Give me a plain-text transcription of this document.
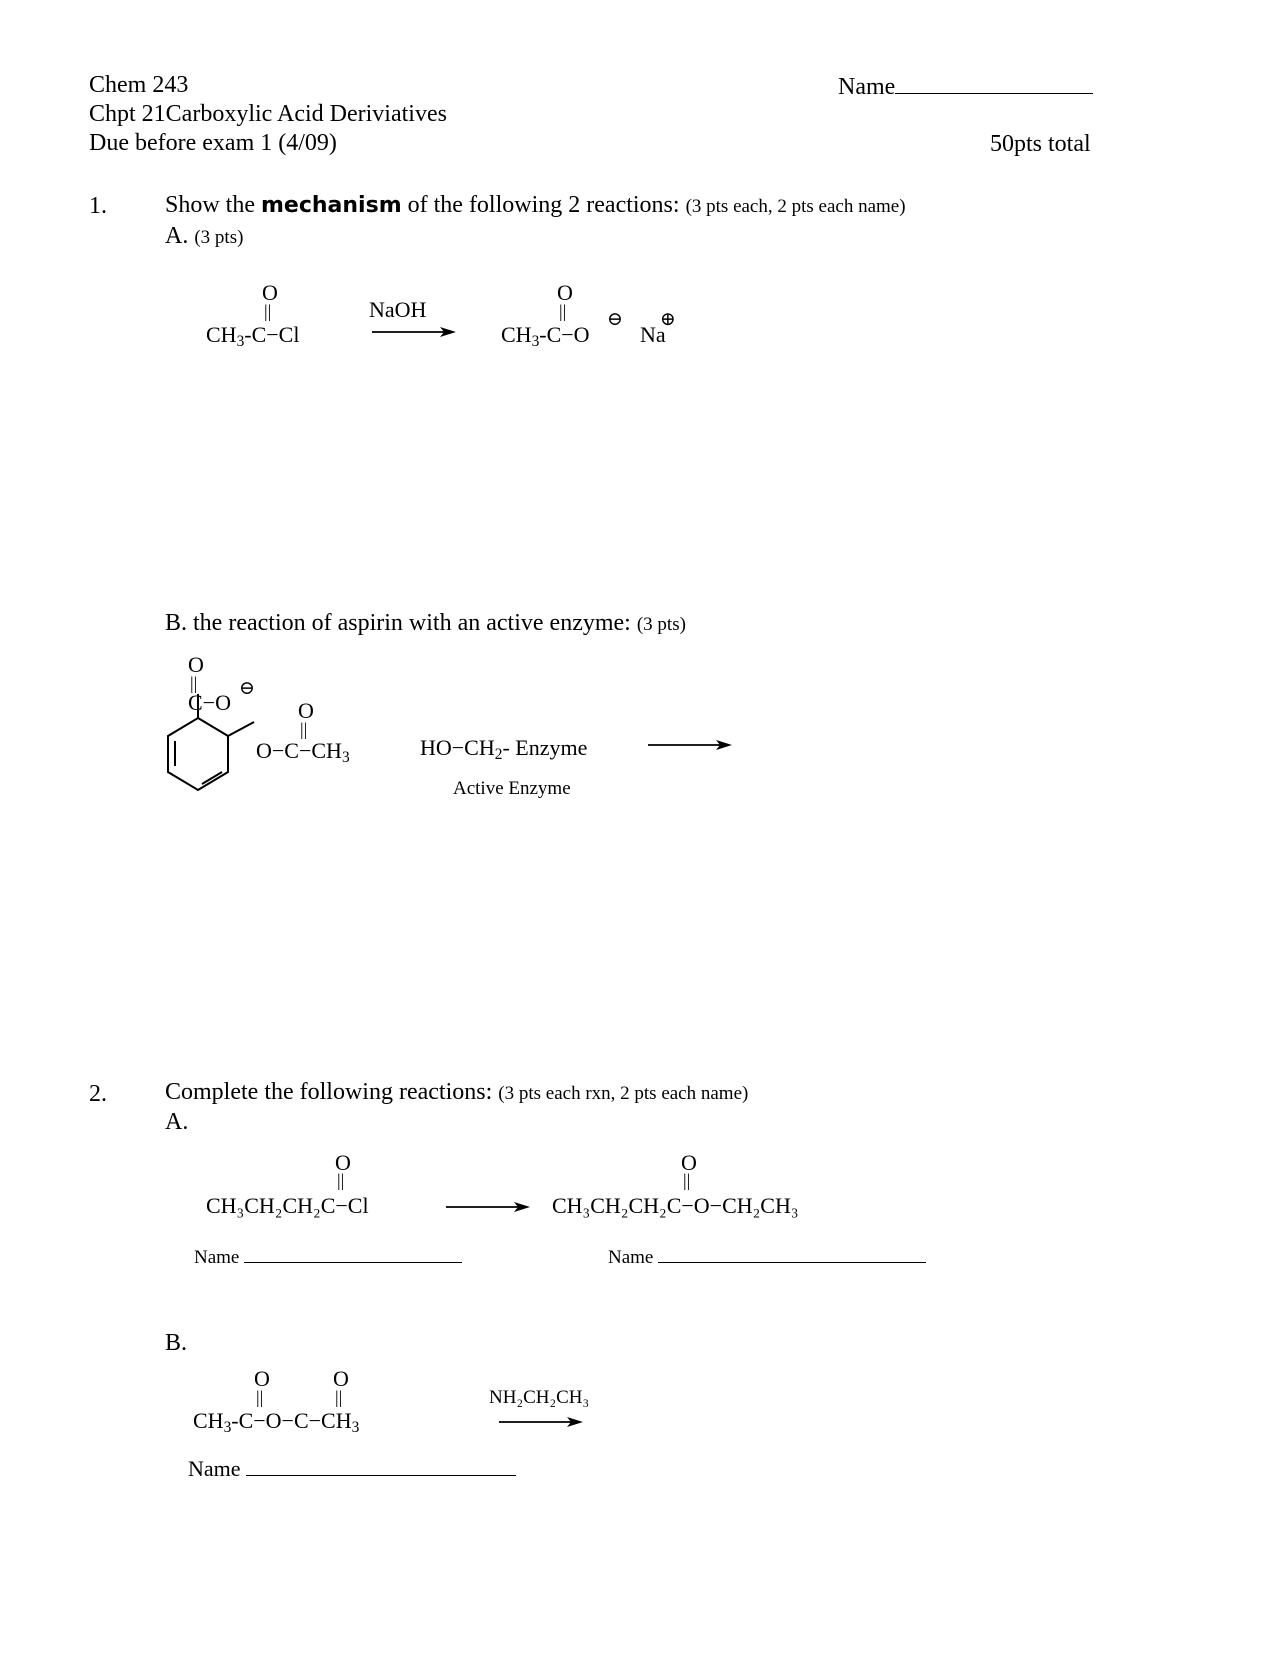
Chem 243
Chpt 21Carboxylic Acid Deriviatives
Due before exam 1 (4/09)
Name
50pts total
1. Show the mechanism of the following 2 reactions: (3 pts each, 2 pts each name)
A. (3 pts)
O
||
$CH_3-C-Cl$
NaOH
O
||
$CH_3-C-O$
⊖
Na
⊕
B. the reaction of aspirin with an active enzyme: (3 pts)
O
||
C−O
⊖
O
||
$O-C-CH_3$	$HO-CH_2-$ Enzyme
Active Enzyme
2. Complete the following reactions: (3 pts each rxn, 2 pts each name)
A.
O
||
CH₃CH₂CH₂C−Cl
O
||
CH₃CH₂CH₂C−O−CH₂CH₃
Name	Name
B.
O	O
||	||
$CH_3-C-O-C-CH_3$
NH₂CH₂CH₃
Name
